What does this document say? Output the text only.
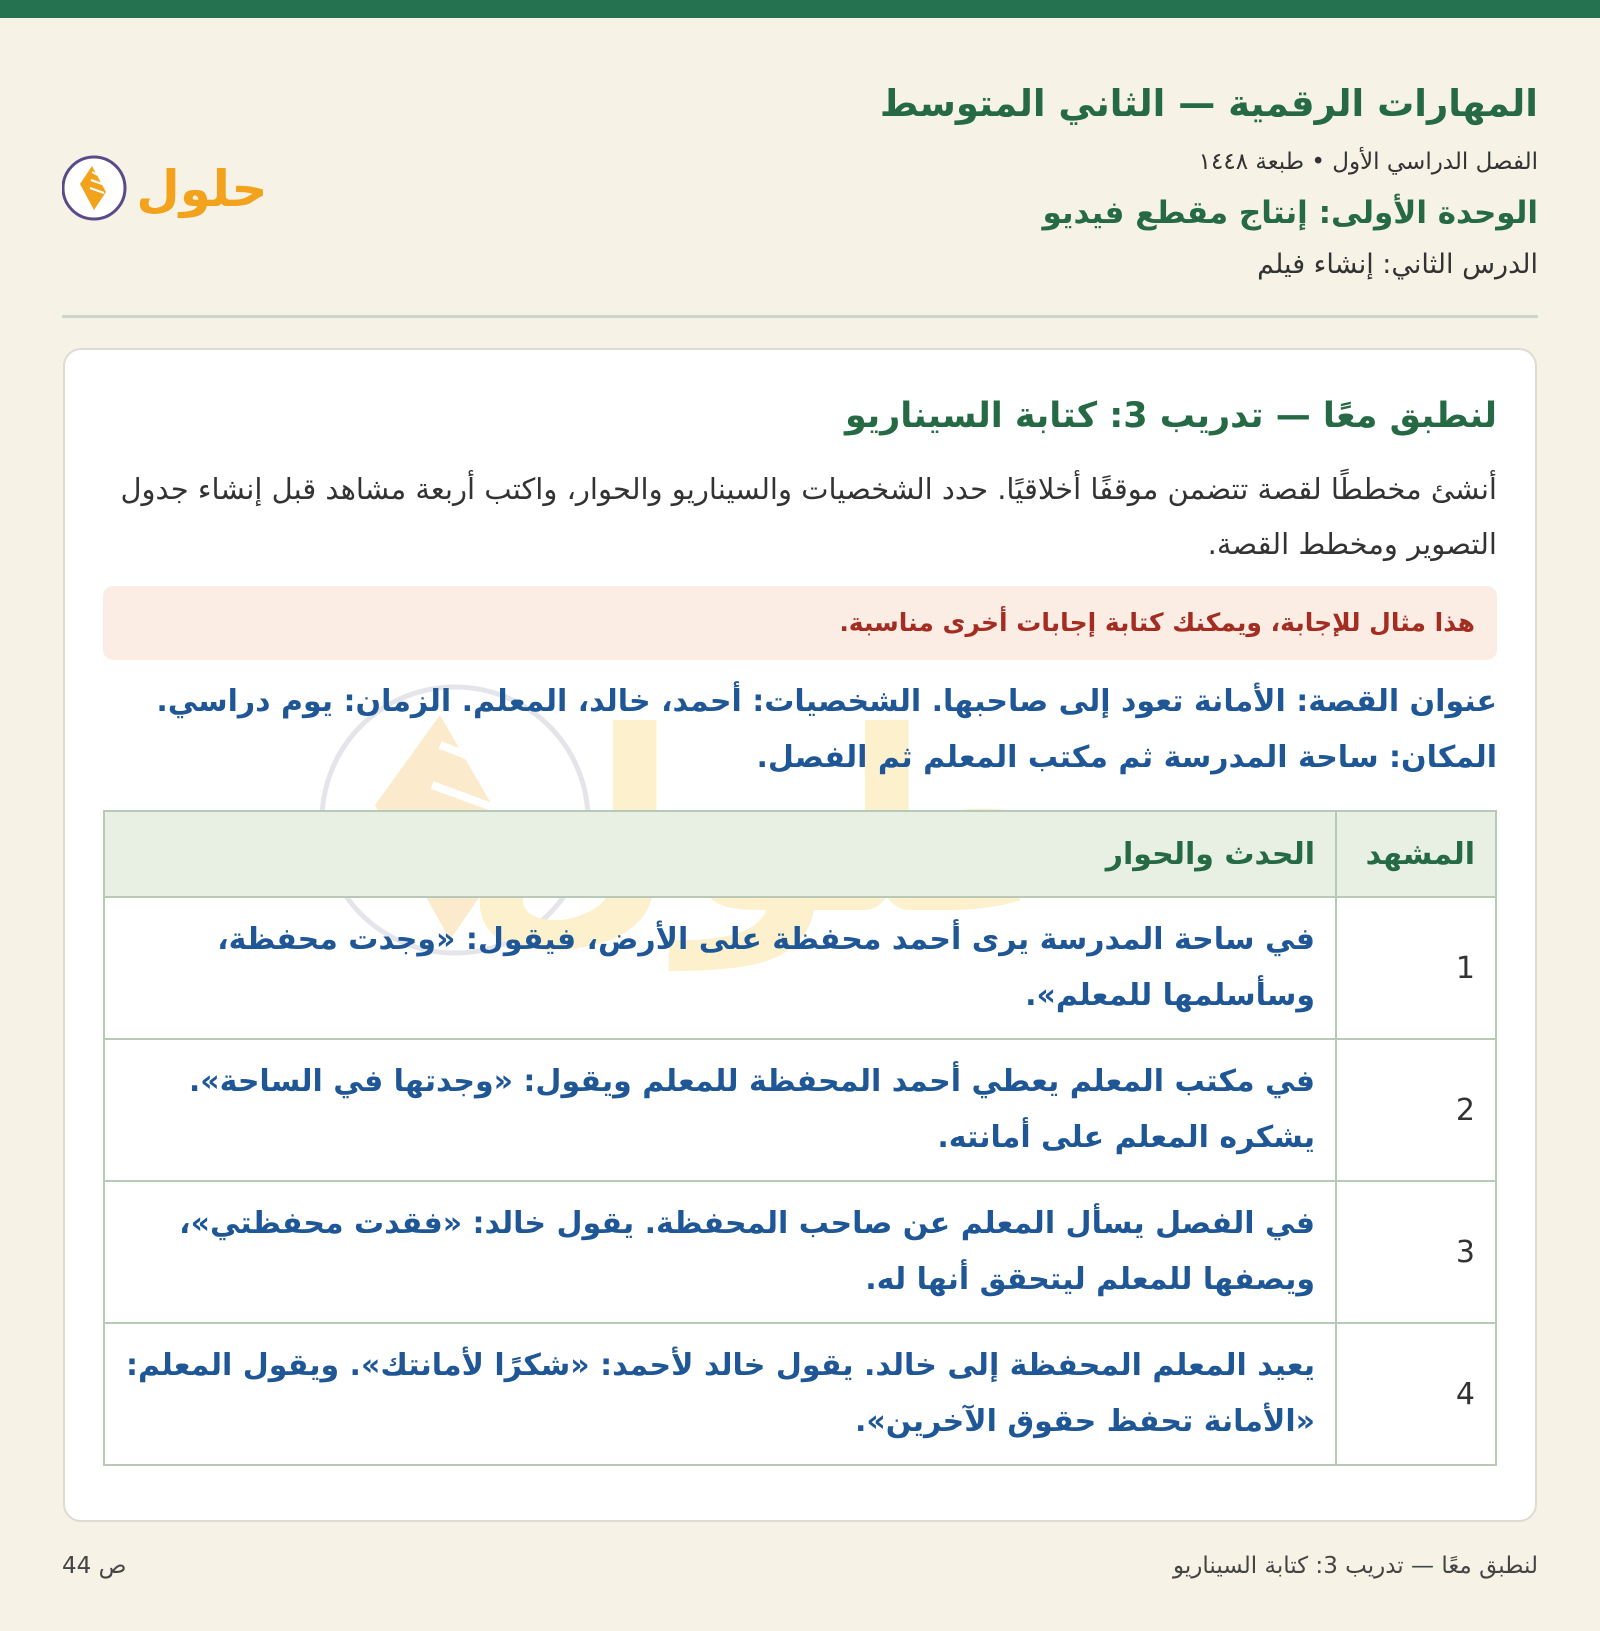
المهارات الرقمية — الثاني المتوسط
الفصل الدراسي الأول • طبعة ١٤٤٨
الوحدة الأولى: إنتاج مقطع فيديو
الدرس الثاني: إنشاء فيلم
حلول
لنطبق معًا — تدريب 3: كتابة السيناريو
أنشئ مخططًا لقصة تتضمن موقفًا أخلاقيًا. حدد الشخصيات والسيناريو والحوار، واكتب أربعة مشاهد قبل إنشاء جدول التصوير ومخطط القصة.
هذا مثال للإجابة، ويمكنك كتابة إجابات أخرى مناسبة.
عنوان القصة: الأمانة تعود إلى صاحبها. الشخصيات: أحمد، خالد، المعلم. الزمان: يوم دراسي. المكان: ساحة المدرسة ثم مكتب المعلم ثم الفصل.
المشهد	الحدث والحوار
1	في ساحة المدرسة يرى أحمد محفظة على الأرض، فيقول: «وجدت محفظة، وسأسلمها للمعلم».
2	في مكتب المعلم يعطي أحمد المحفظة للمعلم ويقول: «وجدتها في الساحة». يشكره المعلم على أمانته.
3	في الفصل يسأل المعلم عن صاحب المحفظة. يقول خالد: «فقدت محفظتي»، ويصفها للمعلم ليتحقق أنها له.
4	يعيد المعلم المحفظة إلى خالد. يقول خالد لأحمد: «شكرًا لأمانتك». ويقول المعلم: «الأمانة تحفظ حقوق الآخرين».
لنطبق معًا — تدريب 3: كتابة السيناريو
ص 44
